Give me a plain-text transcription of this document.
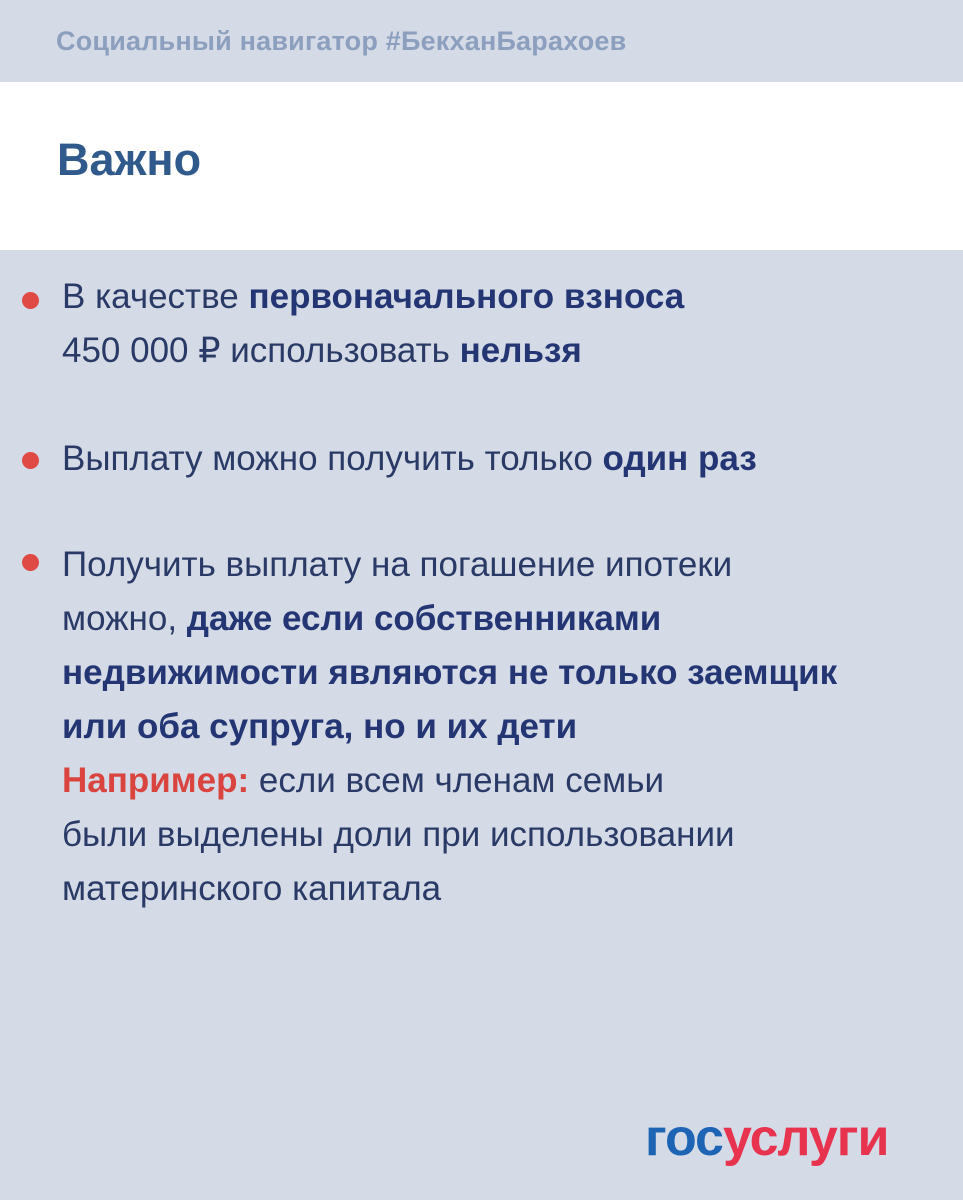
Социальный навигатор #БекханБарахоев
Важно
В качестве первоначального взноса
450 000 ₽ использовать нельзя
Выплату можно получить только один раз
Получить выплату на погашение ипотеки
можно, даже если собственниками
недвижимости являются не только заемщик
или оба супруга, но и их дети
Например: если всем членам семьи
были выделены доли при использовании
материнского капитала
госуслуги
